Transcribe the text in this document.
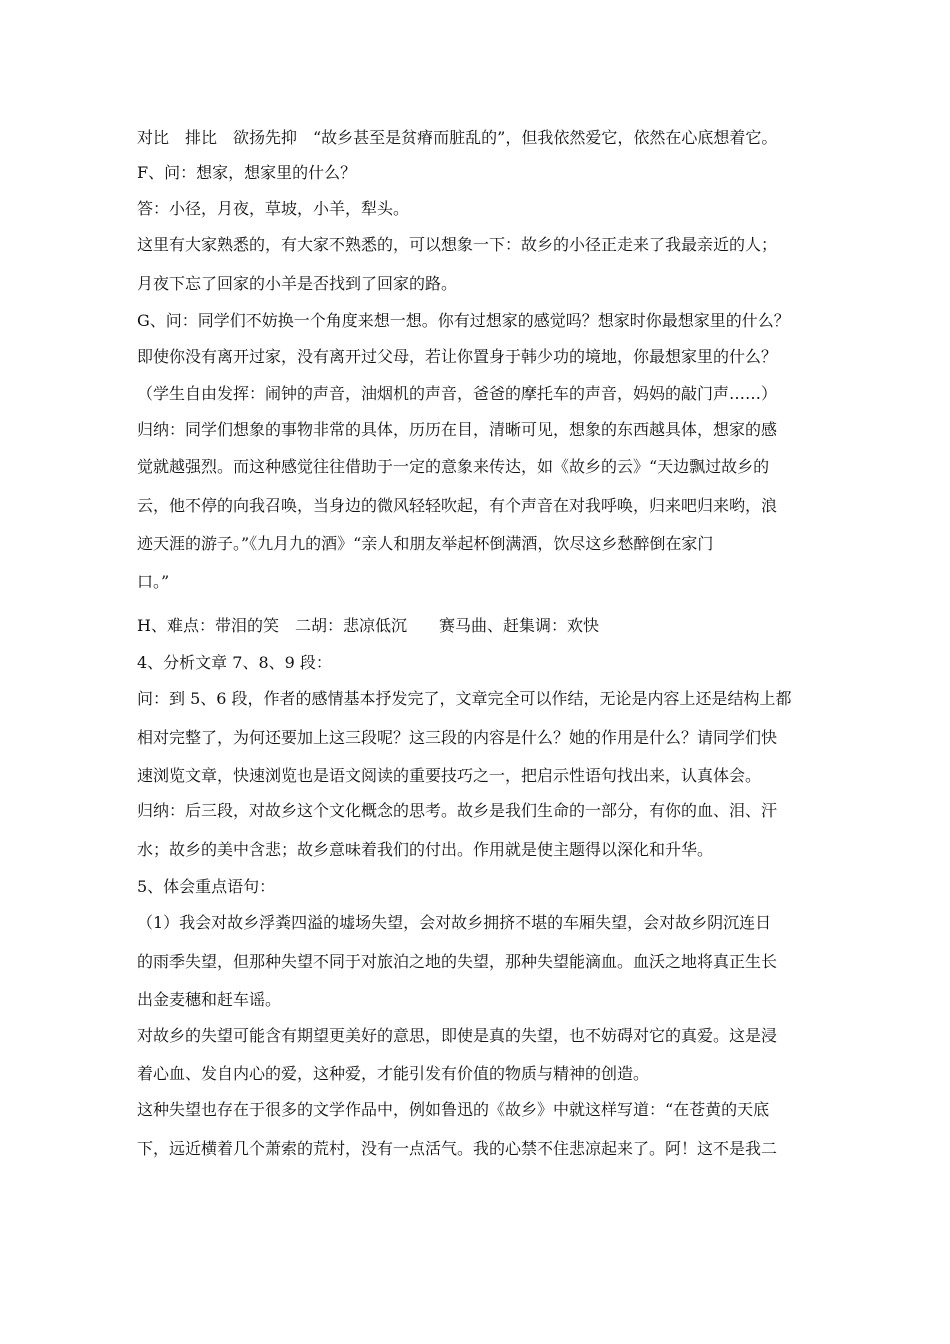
对比　排比　欲扬先抑　“故乡甚至是贫瘠而脏乱的”，但我依然爱它，依然在心底想着它。
F、问：想家，想家里的什么？
答：小径，月夜，草坡，小羊，犁头。
这里有大家熟悉的，有大家不熟悉的，可以想象一下：故乡的小径正走来了我最亲近的人；
月夜下忘了回家的小羊是否找到了回家的路。
G、问：同学们不妨换一个角度来想一想。你有过想家的感觉吗？想家时你最想家里的什么？
即使你没有离开过家，没有离开过父母，若让你置身于韩少功的境地，你最想家里的什么？
（学生自由发挥：闹钟的声音，油烟机的声音，爸爸的摩托车的声音，妈妈的敲门声……）
归纳：同学们想象的事物非常的具体，历历在目，清晰可见，想象的东西越具体，想家的感
觉就越强烈。而这种感觉往往借助于一定的意象来传达，如《故乡的云》“天边飘过故乡的
云，他不停的向我召唤，当身边的微风轻轻吹起，有个声音在对我呼唤，归来吧归来哟，浪
迹天涯的游子。”《九月九的酒》“亲人和朋友举起杯倒满酒，饮尽这乡愁醉倒在家门
口。”
H、难点：带泪的笑　二胡：悲凉低沉　　赛马曲、赶集调：欢快
4、分析文章 7、8、9 段：
问：到 5、6 段，作者的感情基本抒发完了，文章完全可以作结，无论是内容上还是结构上都
相对完整了，为何还要加上这三段呢？这三段的内容是什么？她的作用是什么？请同学们快
速浏览文章，快速浏览也是语文阅读的重要技巧之一，把启示性语句找出来，认真体会。
归纳：后三段，对故乡这个文化概念的思考。故乡是我们生命的一部分，有你的血、泪、汗
水；故乡的美中含悲；故乡意味着我们的付出。作用就是使主题得以深化和升华。
5、体会重点语句：
（1）我会对故乡浮粪四溢的墟场失望，会对故乡拥挤不堪的车厢失望，会对故乡阴沉连日
的雨季失望，但那种失望不同于对旅泊之地的失望，那种失望能滴血。血沃之地将真正生长
出金麦穗和赶车谣。
对故乡的失望可能含有期望更美好的意思，即使是真的失望，也不妨碍对它的真爱。这是浸
着心血、发自内心的爱，这种爱，才能引发有价值的物质与精神的创造。
这种失望也存在于很多的文学作品中，例如鲁迅的《故乡》中就这样写道：“在苍黄的天底
下，远近横着几个萧索的荒村，没有一点活气。我的心禁不住悲凉起来了。阿！这不是我二
